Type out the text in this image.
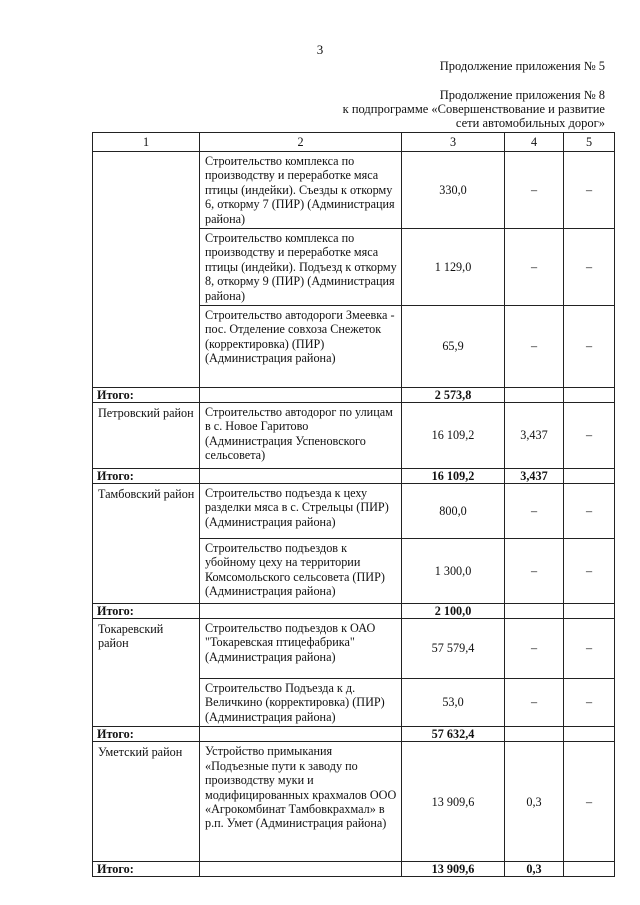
3
Продолжение приложения № 5
Продолжение приложения № 8
к подпрограмме «Совершенствование и развитие
сети автомобильных дорог»
1	2	3	4	5
	Строительство комплекса по производству и переработке мяса птицы (индейки). Съезды к откорму 6, откорму 7 (ПИР) (Администрация района)	330,0	–	–
	Строительство комплекса по производству и переработке мяса птицы (индейки). Подъезд к откорму 8, откорму 9 (ПИР) (Администрация района)	1 129,0	–	–
	Строительство автодороги Змеевка - пос. Отделение совхоза Снежеток (корректировка) (ПИР) (Администрация района)	65,9	–	–
Итого:		2 573,8		
Петровский район	Строительство автодорог по улицам в с. Новое Гаритово (Администрация Успеновского сельсовета)	16 109,2	3,437	–
Итого:		16 109,2	3,437	
Тамбовский район	Строительство подъезда к цеху разделки мяса в с. Стрельцы (ПИР) (Администрация района)	800,0	–	–
	Строительство подъездов к убойному цеху на территории Комсомольского сельсовета (ПИР) (Администрация района)	1 300,0	–	–
Итого:		2 100,0		
Токаревский район	Строительство подъездов к ОАО "Токаревская птицефабрика" (Администрация района)	57 579,4	–	–
	Строительство Подъезда к д. Величкино (корректировка) (ПИР) (Администрация района)	53,0	–	–
Итого:		57 632,4		
Уметский район	Устройство примыкания «Подъезные пути к заводу по производству муки и модифицированных крахмалов ООО «Агрокомбинат Тамбовкрахмал» в р.п. Умет (Администрация района)	13 909,6	0,3	–
Итого:		13 909,6	0,3	
